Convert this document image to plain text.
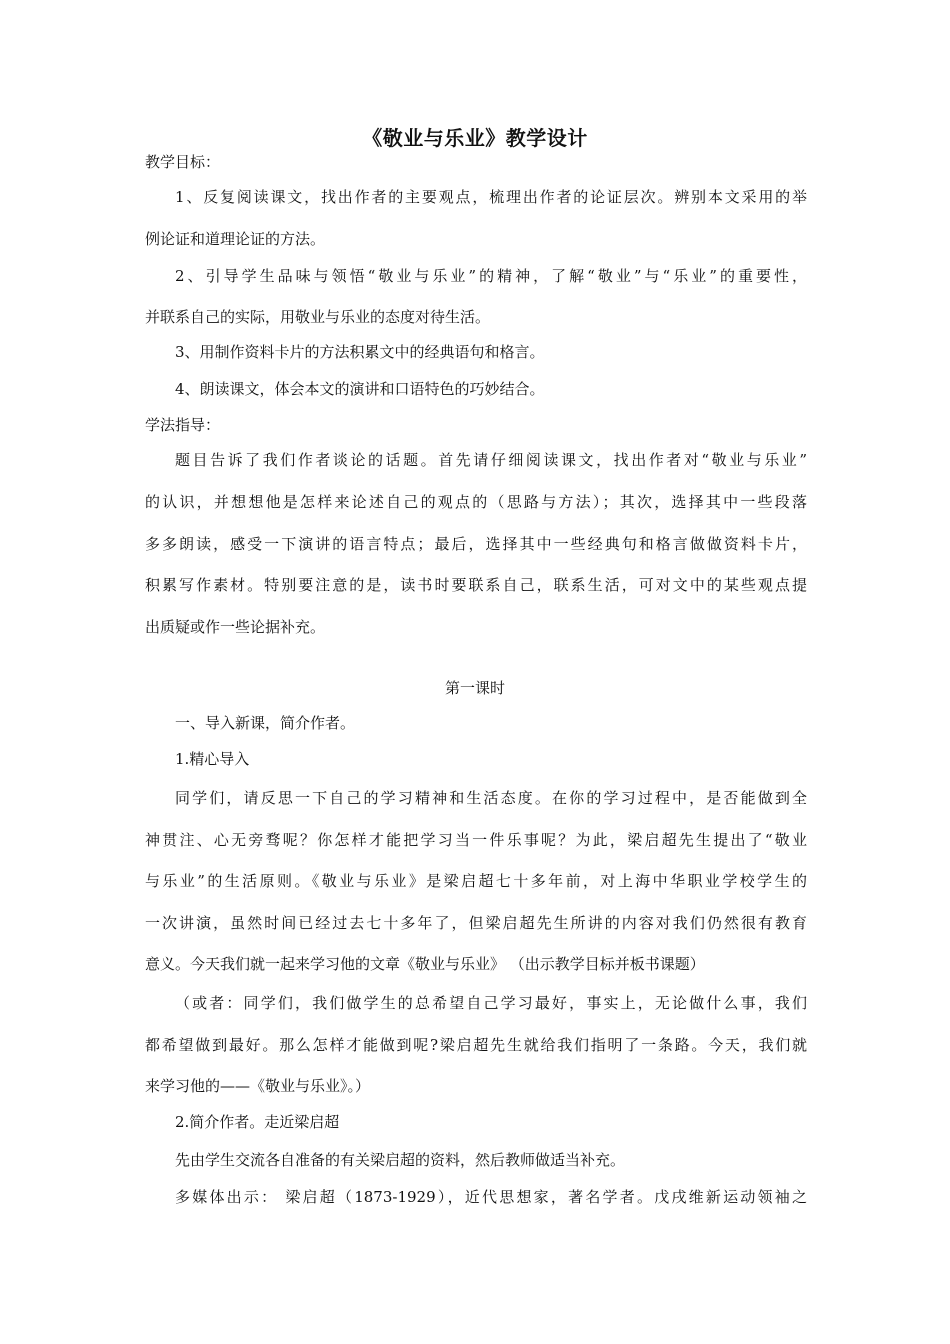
《敬业与乐业》教学设计
教学目标：
1、反复阅读课文，找出作者的主要观点，梳理出作者的论证层次。辨别本文采用的举
例论证和道理论证的方法。
2、引导学生品味与领悟“敬业与乐业”的精神，了解“敬业”与“乐业”的重要性，
并联系自己的实际，用敬业与乐业的态度对待生活。
3、用制作资料卡片的方法积累文中的经典语句和格言。
4、朗读课文，体会本文的演讲和口语特色的巧妙结合。
学法指导：
题目告诉了我们作者谈论的话题。首先请仔细阅读课文，找出作者对“敬业与乐业”
的认识，并想想他是怎样来论述自己的观点的（思路与方法）；其次，选择其中一些段落
多多朗读，感受一下演讲的语言特点；最后，选择其中一些经典句和格言做做资料卡片，
积累写作素材。特别要注意的是，读书时要联系自己，联系生活，可对文中的某些观点提
出质疑或作一些论据补充。
第一课时
一、导入新课，简介作者。
1.精心导入
同学们，请反思一下自己的学习精神和生活态度。在你的学习过程中，是否能做到全
神贯注、心无旁骛呢？你怎样才能把学习当一件乐事呢？为此，梁启超先生提出了“敬业
与乐业”的生活原则。《敬业与乐业》是梁启超七十多年前，对上海中华职业学校学生的
一次讲演，虽然时间已经过去七十多年了，但梁启超先生所讲的内容对我们仍然很有教育
意义。今天我们就一起来学习他的文章《敬业与乐业》 （出示教学目标并板书课题）
（或者：同学们，我们做学生的总希望自己学习最好，事实上，无论做什么事，我们
都希望做到最好。那么怎样才能做到呢?梁启超先生就给我们指明了一条路。今天，我们就
来学习他的——《敬业与乐业》。）
2.简介作者。走近梁启超
先由学生交流各自准备的有关梁启超的资料，然后教师做适当补充。
多媒体出示： 梁启超（1873-1929），近代思想家，著名学者。戊戌维新运动领袖之
